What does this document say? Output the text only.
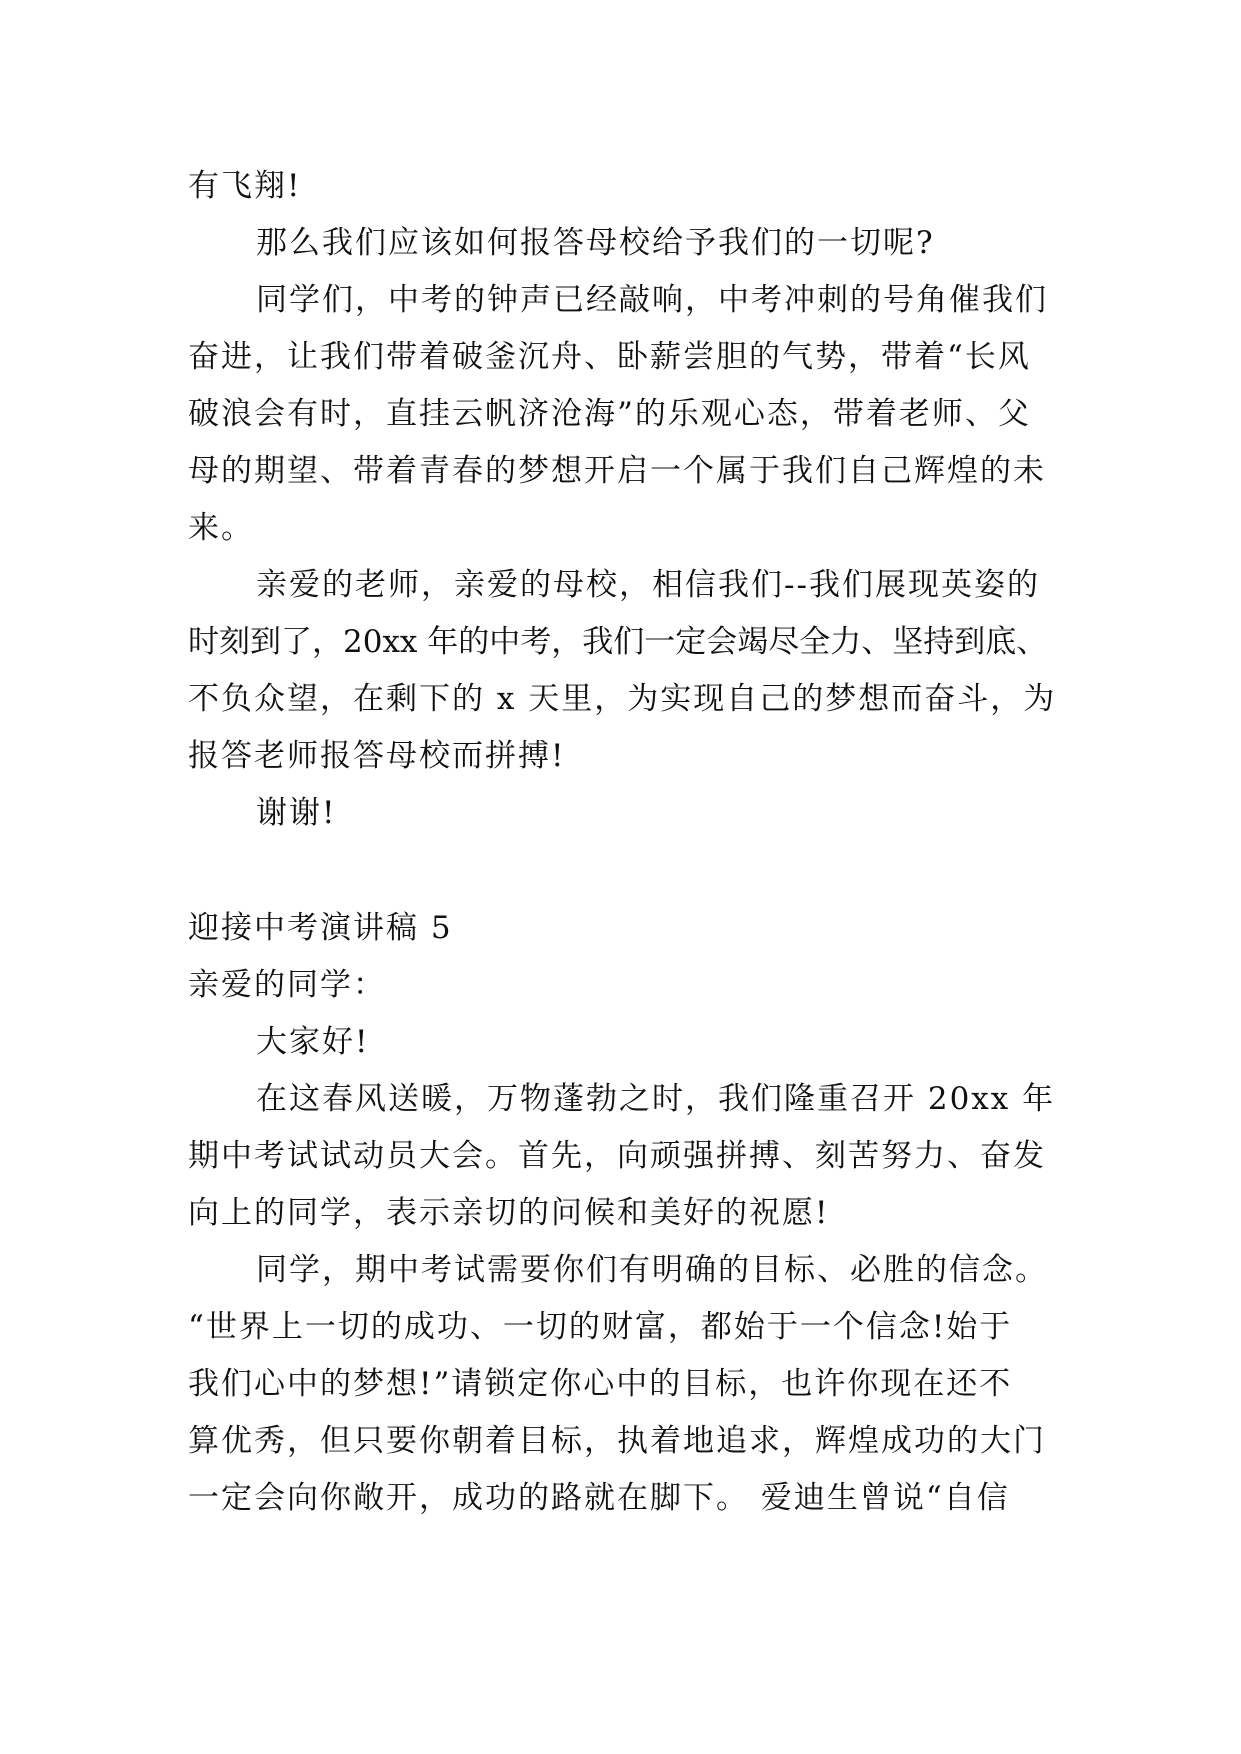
有飞翔!
那么我们应该如何报答母校给予我们的一切呢?
同学们，中考的钟声已经敲响，中考冲刺的号角催我们
奋进，让我们带着破釜沉舟、卧薪尝胆的气势，带着“长风
破浪会有时，直挂云帆济沧海”的乐观心态，带着老师、父
母的期望、带着青春的梦想开启一个属于我们自己辉煌的未
来。
亲爱的老师，亲爱的母校，相信我们--我们展现英姿的
时刻到了，20xx 年的中考，我们一定会竭尽全力、坚持到底、
不负众望，在剩下的 x 天里，为实现自己的梦想而奋斗，为
报答老师报答母校而拼搏!
谢谢!
迎接中考演讲稿 5
亲爱的同学：
大家好!
在这春风送暖，万物蓬勃之时，我们隆重召开 20xx 年
期中考试试动员大会。首先，向顽强拼搏、刻苦努力、奋发
向上的同学，表示亲切的问候和美好的祝愿!
同学，期中考试需要你们有明确的目标、必胜的信念。
“世界上一切的成功、一切的财富，都始于一个信念!始于
我们心中的梦想!”请锁定你心中的目标，也许你现在还不
算优秀，但只要你朝着目标，执着地追求，辉煌成功的大门
一定会向你敞开，成功的路就在脚下。 爱迪生曾说“自信
